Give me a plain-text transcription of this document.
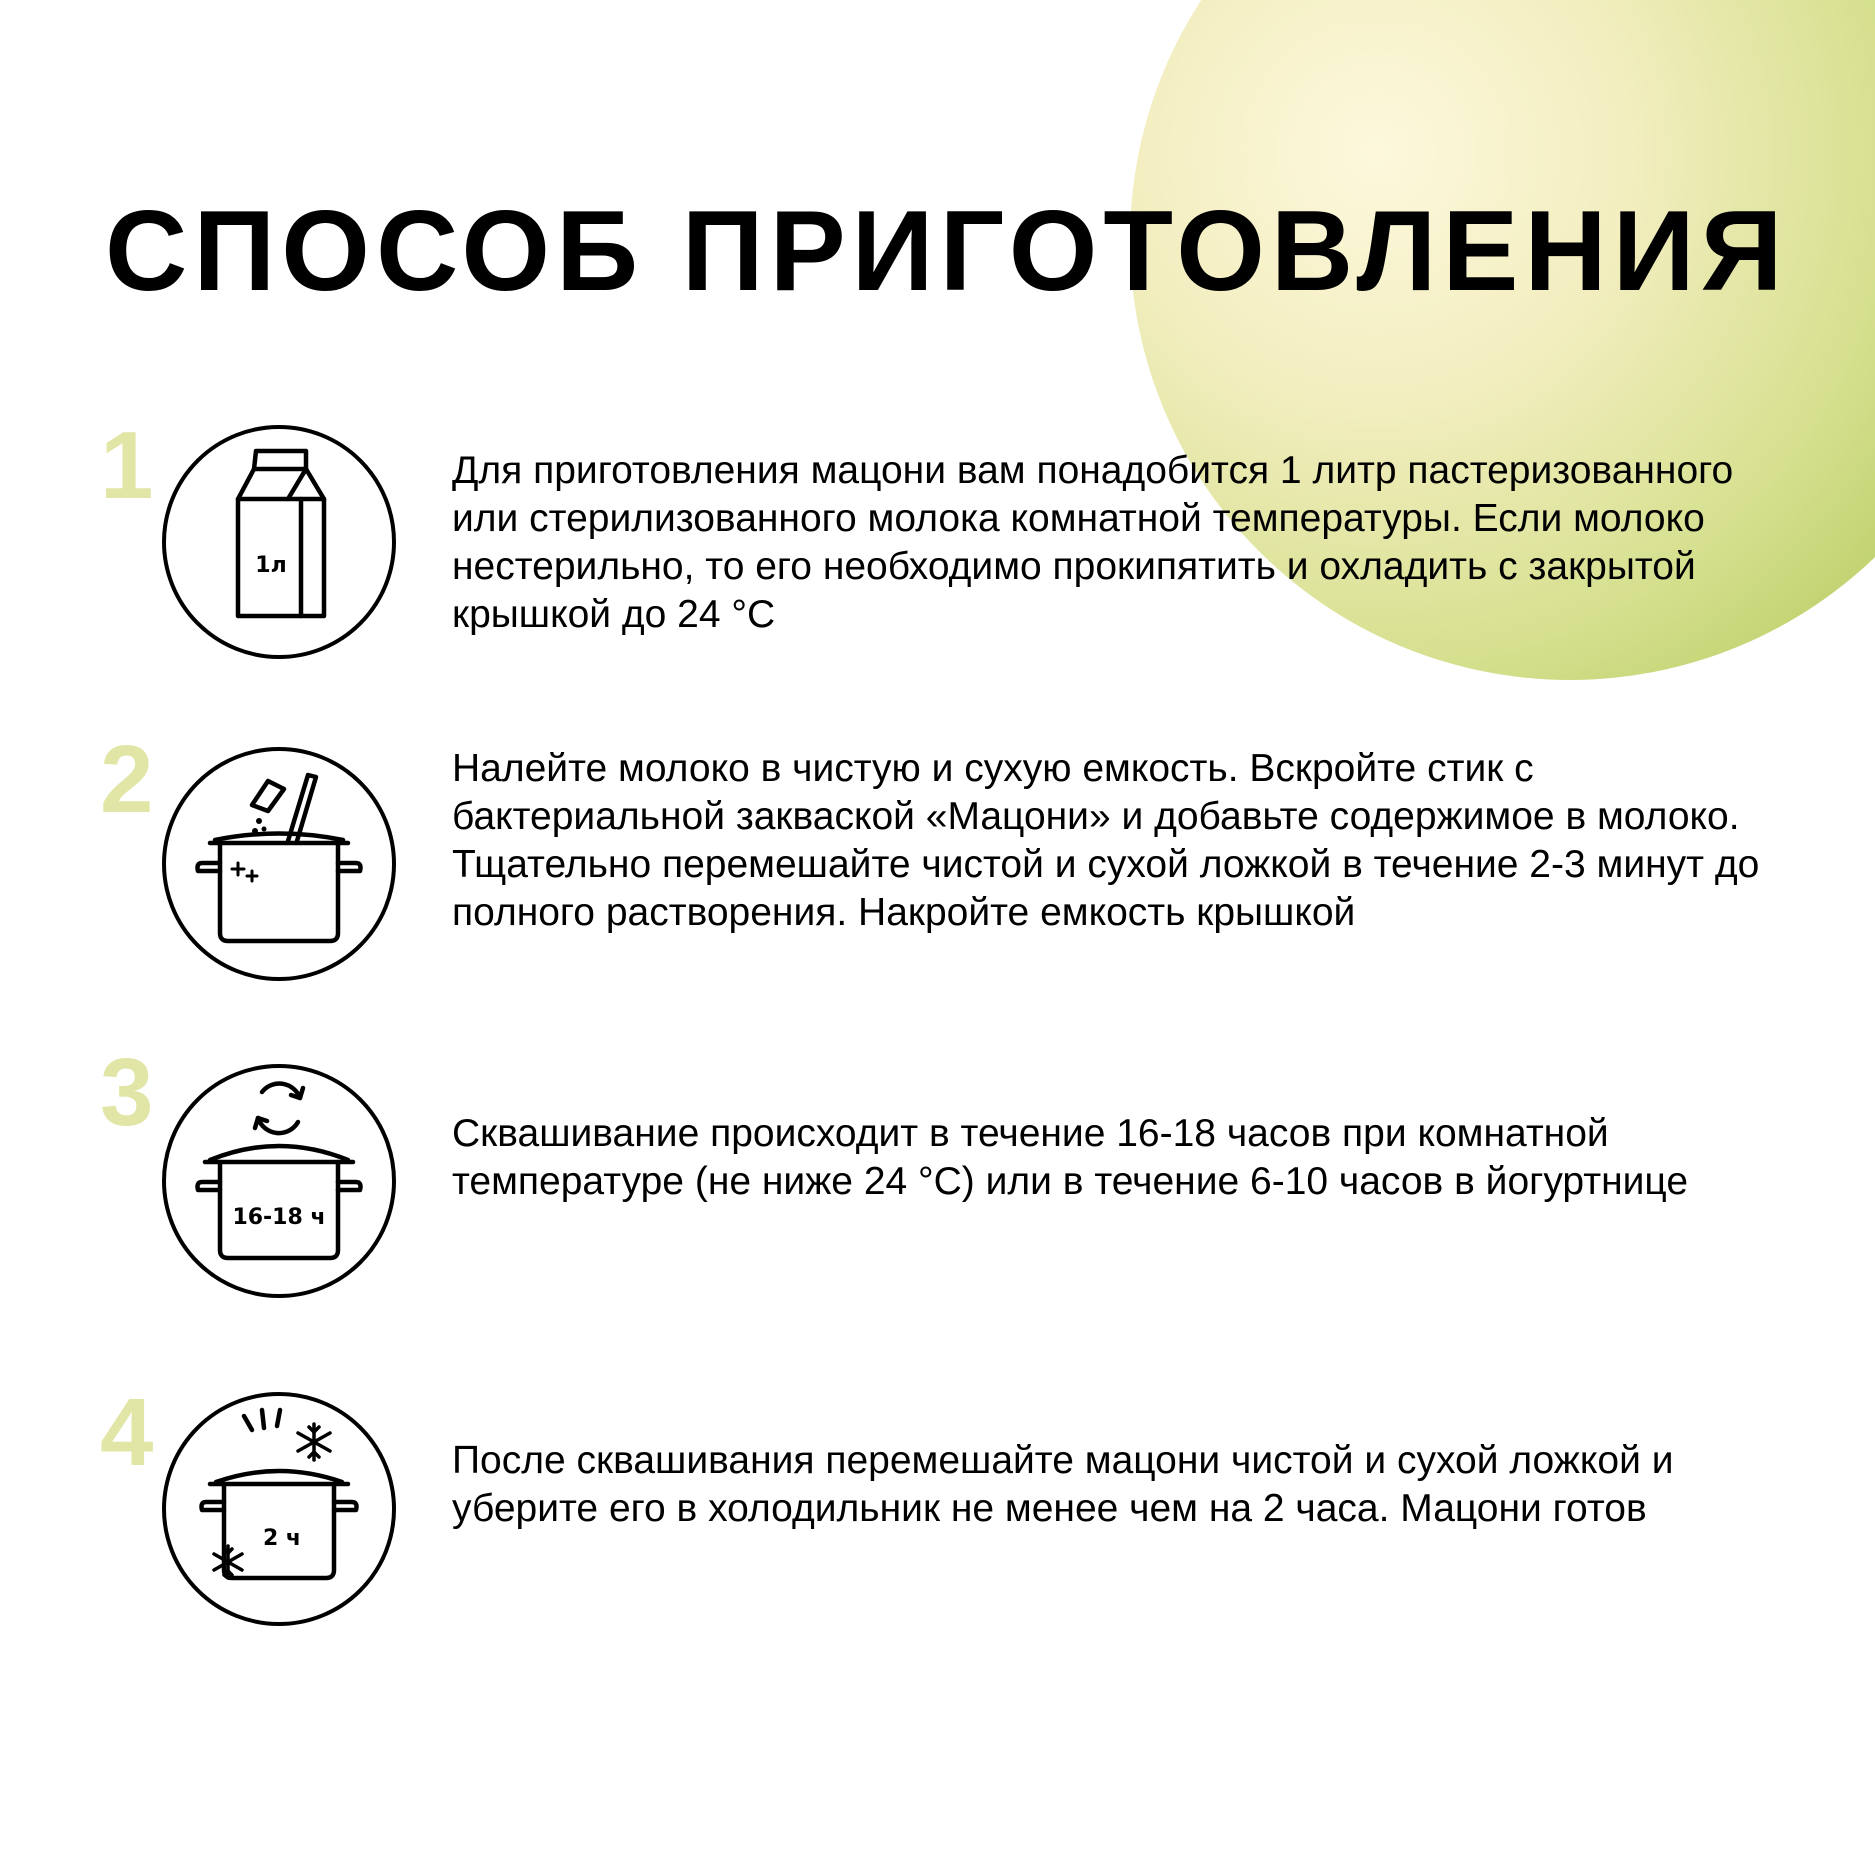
СПОСОБ ПРИГОТОВЛЕНИЯ
1
1л

Для приготовления мацони вам понадобится 1 литр пастеризованного или стерилизованного молока комнатной температуры. Если молоко нестерильно, то его необходимо прокипятить и охладить с закрытой крышкой до 24 °С

2	Налейте молоко в чистую и сухую емкость. Вскройте стик с бактериальной закваской «Мацони» и добавьте содержимое в молоко. Тщательно перемешайте чистой и сухой ложкой в течение 2-3 минут до полного растворения. Накройте емкость крышкой

3
16-18 ч

Сквашивание происходит в течение 16-18 часов при комнатной температуре (не ниже 24 °С) или в течение 6-10 часов в йогуртнице

4
2 ч

После сквашивания перемешайте мацони чистой и сухой ложкой и уберите его в холодильник не менее чем на 2 часа. Мацони готов
